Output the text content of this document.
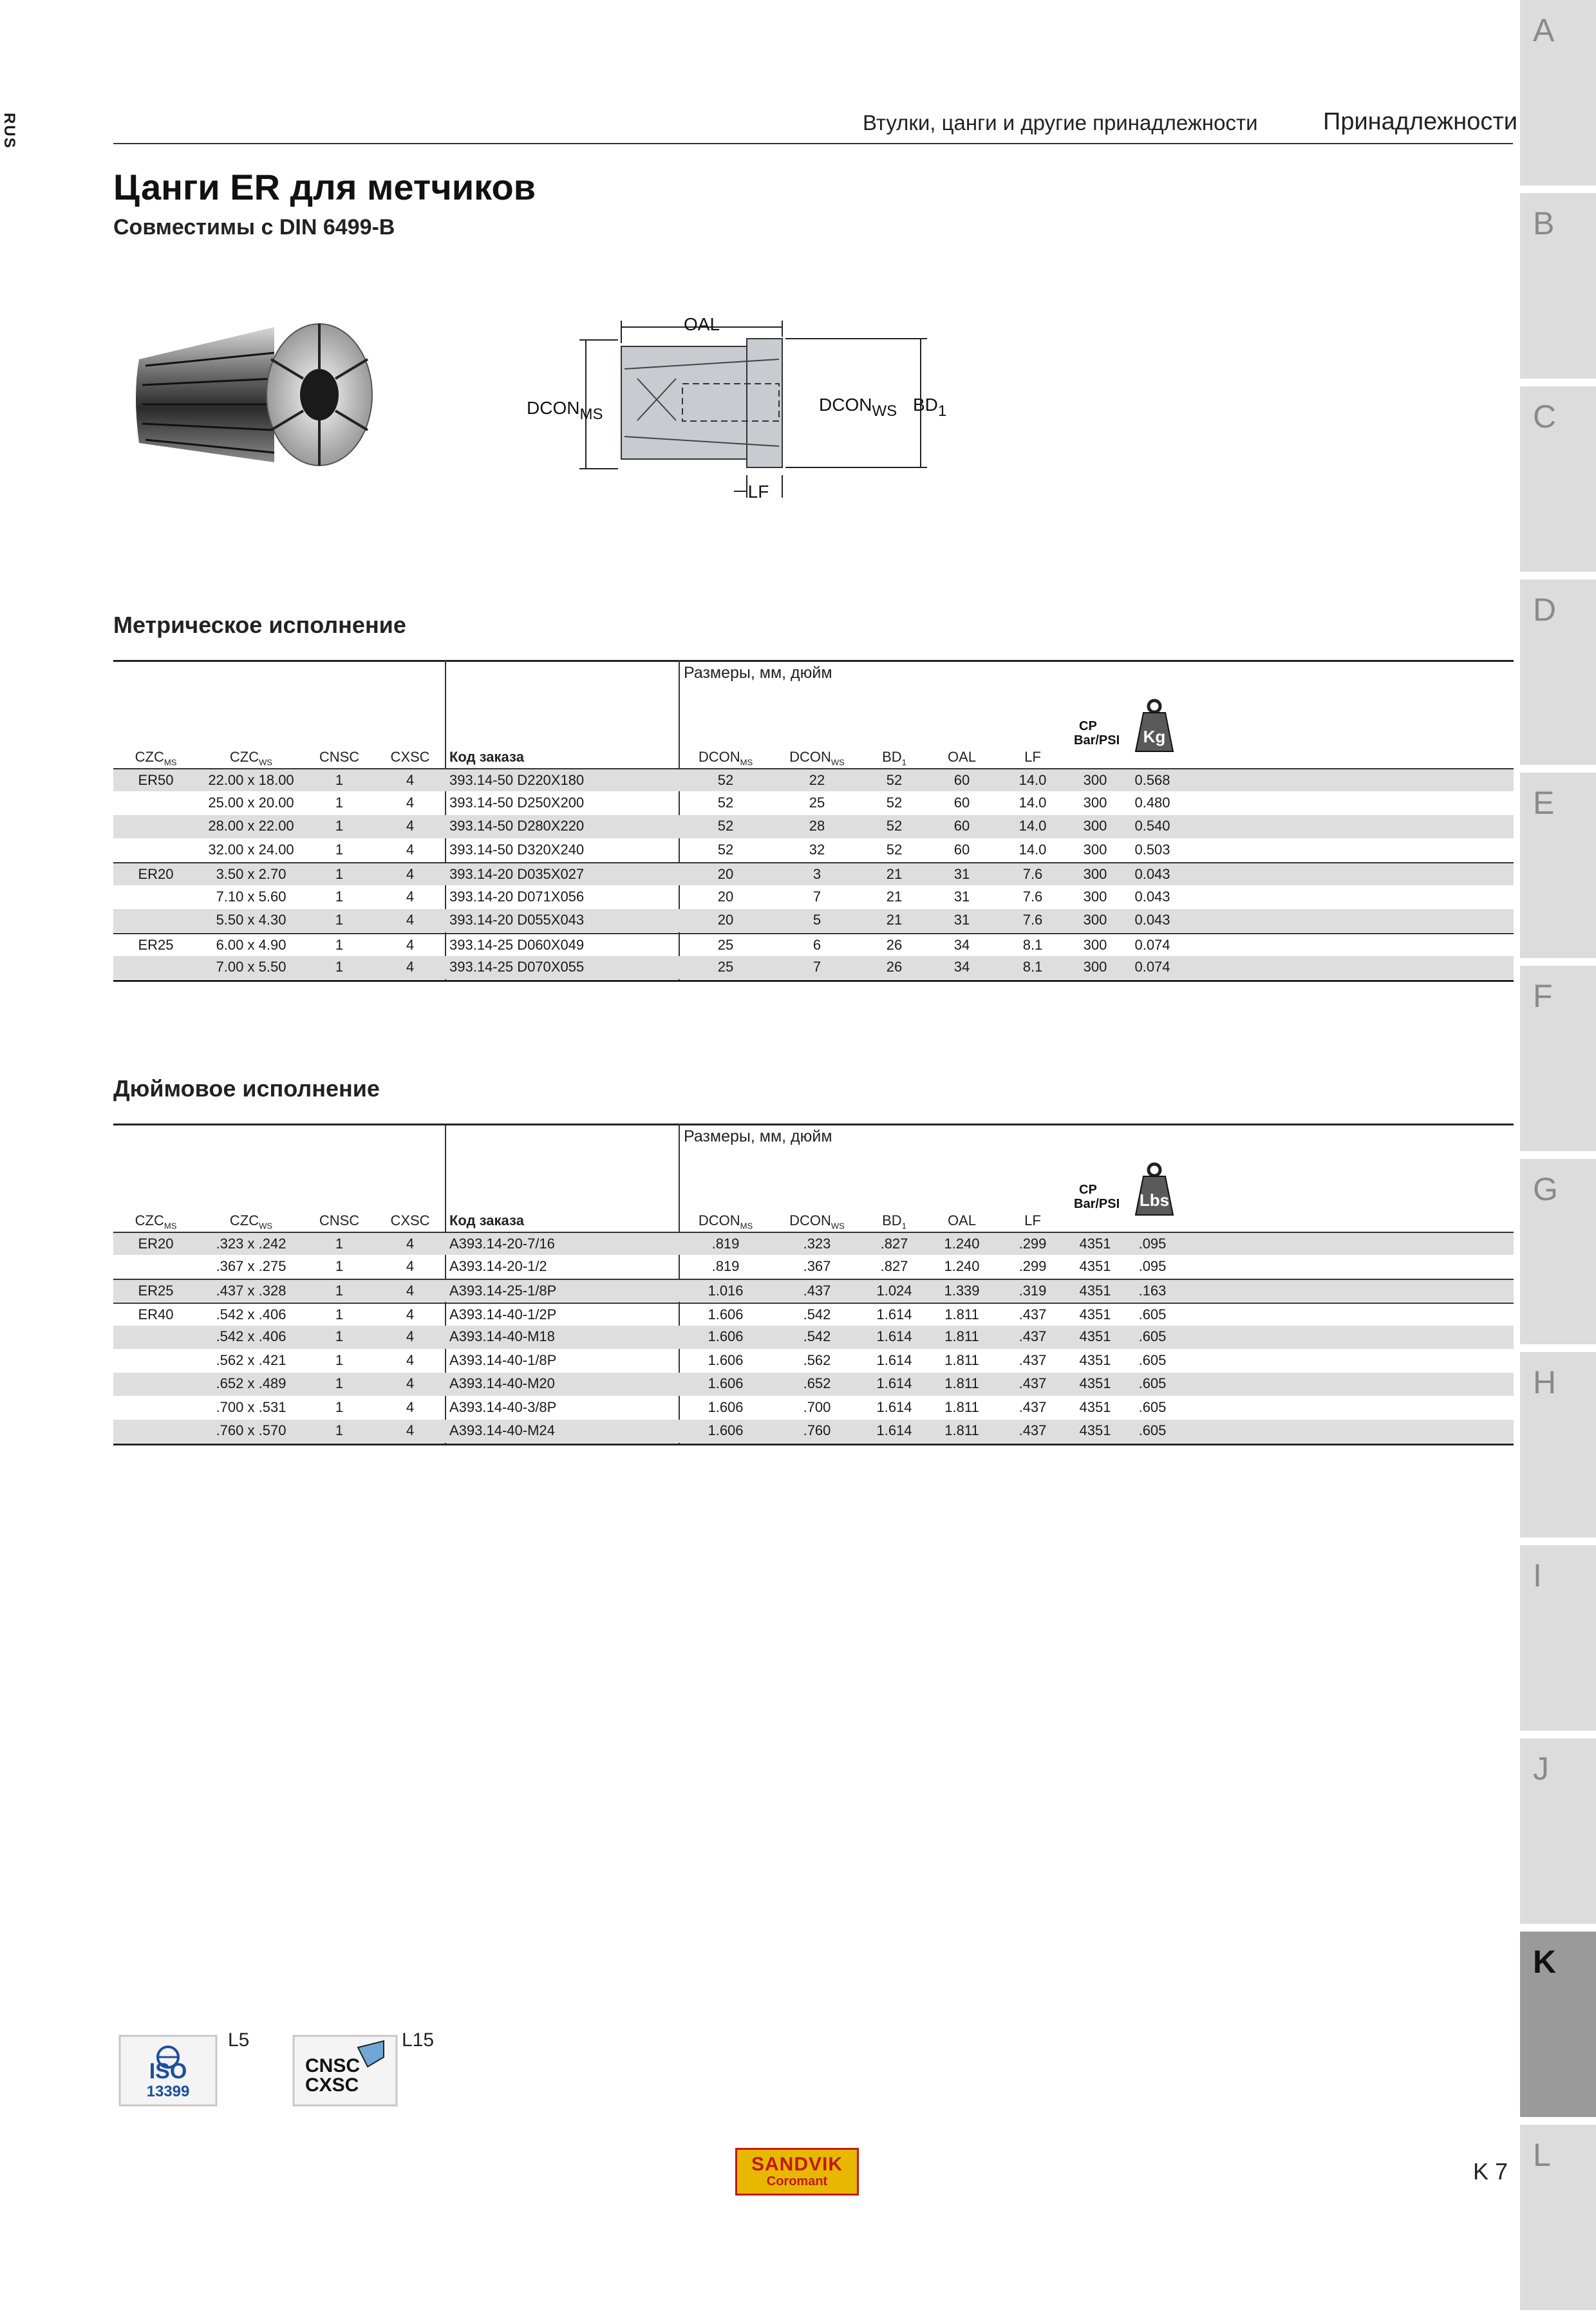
RUS	Втулки, цанги и другие принадлежности	Принадлежности
Цанги ER для метчиков
Совместимы с DIN 6499-B
OAL
DCONMS	DCONWS BD1
LF
Метрическое исполнение
Размеры, мм, дюйм
$CZC_{MS}$	$CZC_{WS}$	CNSC CXSC Код заказа	$DCON_{MS}$	$DCON_{WS}$	$BD_1$	OAL	LF
CP
Bar/PSI Kg
ER50 22.00 x 18.00	1	4 393.14-50 D220X180	52	22	52	60	14.0	300 0.568
25.00 x 20.00	1	4 393.14-50 D250X200	52	25	52	60	14.0	300 0.480
28.00 x 22.00	1	4 393.14-50 D280X220	52	28	52	60	14.0	300 0.540
32.00 x 24.00	1	4 393.14-50 D320X240	52	32	52	60	14.0	300 0.503
ER20	3.50 x 2.70	1	4 393.14-20 D035X027	20	3	21	31	7.6	300 0.043
7.10 x 5.60	1	4 393.14-20 D071X056	20	7	21	31	7.6	300 0.043
5.50 x 4.30	1	4 393.14-20 D055X043	20	5	21	31	7.6	300 0.043
ER25	6.00 x 4.90	1	4 393.14-25 D060X049	25	6	26	34	8.1	300 0.074
7.00 x 5.50	1	4 393.14-25 D070X055	25	7	26	34	8.1	300 0.074
Дюймовое исполнение
Размеры, мм, дюйм
$CZC_{MS}$	$CZC_{WS}$	CNSC CXSC Код заказа	$DCON_{MS}$	$DCON_{WS}$	$BD_1$	OAL	LF
CP
Bar/PSI Lbs
ER20	.323 x .242	1	4 A393.14-20-7/16	.819	.323	.827	1.240	.299 4351 .095
.367 x .275	1	4 A393.14-20-1/2	.819	.367	.827	1.240	.299 4351 .095
ER25	.437 x .328	1	4 A393.14-25-1/8P	1.016	.437	1.024 1.339	.319 4351 .163
ER40	.542 x .406	1	4 A393.14-40-1/2P	1.606	.542	1.614 1.811	.437 4351 .605
.542 x .406	1	4 A393.14-40-M18	1.606	.542	1.614 1.811	.437 4351 .605
.562 x .421	1	4 A393.14-40-1/8P	1.606	.562	1.614 1.811	.437 4351 .605
.652 x .489	1	4 A393.14-40-M20	1.606	.652	1.614 1.811	.437 4351 .605
.700 x .531	1	4 A393.14-40-3/8P	1.606	.700	1.614 1.811	.437 4351 .605
.760 x .570	1	4 A393.14-40-M24	1.606	.760	1.614 1.811	.437 4351 .605
ISO
13399
L5
CNSC
CXSC
L15
SANDVIK
Coromant	K 7
A
B
C
D
E
F
G
H
I
J
K
L
